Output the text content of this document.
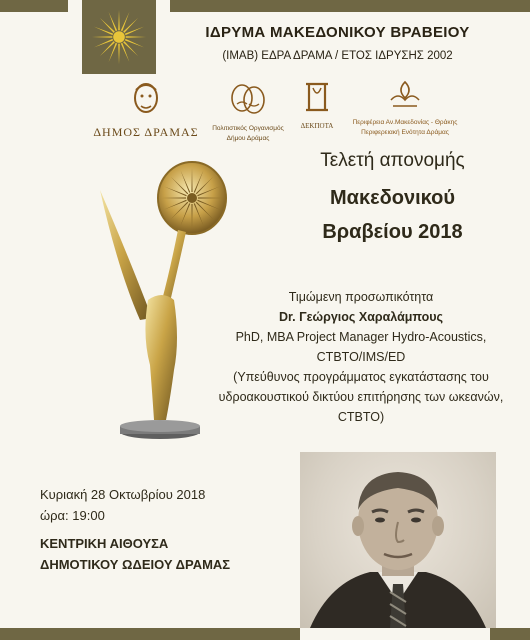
ΙΔΡΥΜΑ ΜΑΚΕΔΟΝΙΚΟΥ ΒΡΑΒΕΙΟΥ
(ΙΜΑΒ) ΕΔΡΑ ΔΡΑΜΑ / ΕΤΟΣ ΙΔΡΥΣΗΣ 2002
ΔΗΜΟΣ ΔΡΑΜΑΣ	Πολιτιστικός Οργανισμός
Δήμου Δράμας
ΔΕΚΠΟΤΑ	Περιφέρεια Αν.Μακεδονίας - Θράκης
Περιφερειακή Ενότητα Δράμας
Τελετή απονομής
Μακεδονικού
Βραβείου 2018
Τιμώμενη προσωπικότητα
Dr. Γεώργιος Χαραλάμπους
PhD, MBA Project Manager Hydro-Acoustics,
CTBTO/IMS/ED
(Υπεύθυνος προγράμματος εγκατάστασης του
υδροακουστικού δικτύου επιτήρησης των ωκεανών,
CTBTO)
Κυριακή 28 Οκτωβρίου 2018
ώρα: 19:00
ΚΕΝΤΡΙΚΗ ΑΙΘΟΥΣΑ
ΔΗΜΟΤΙΚΟΥ ΩΔΕΙΟΥ ΔΡΑΜΑΣ
